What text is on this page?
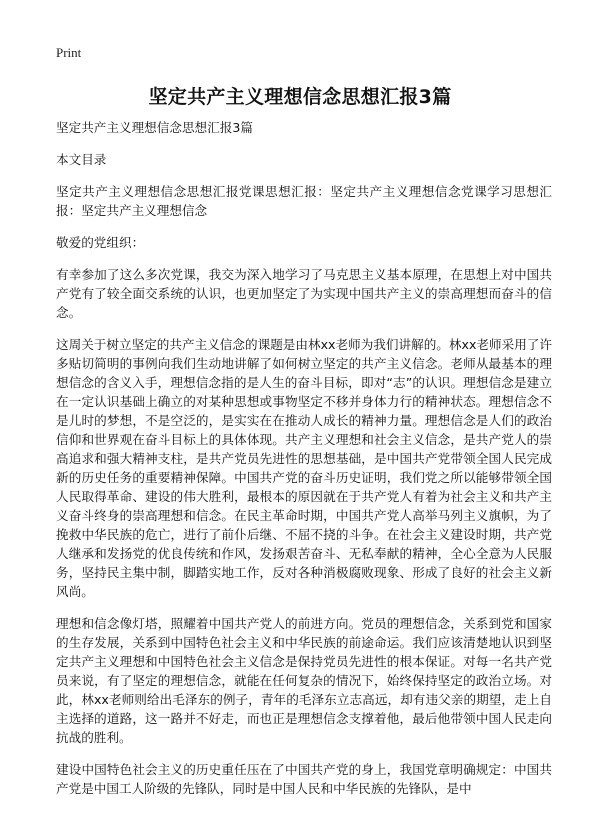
Print
坚定共产主义理想信念思想汇报3篇

坚定共产主义理想信念思想汇报3篇

本文目录

坚定共产主义理想信念思想汇报党课思想汇报：坚定共产主义理想信念党课学习思想汇报：坚定共产主义理想信念

敬爱的党组织：

有幸参加了这么多次党课，我交为深入地学习了马克思主义基本原理，在思想上对中国共产党有了较全面交系统的认识，也更加坚定了为实现中国共产主义的崇高理想而奋斗的信念。

这周关于树立坚定的共产主义信念的课题是由林xx老师为我们讲解的。林xx老师采用了许多贴切简明的事例向我们生动地讲解了如何树立坚定的共产主义信念。老师从最基本的理想信念的含义入手，理想信念指的是人生的奋斗目标，即对“志”的认识。理想信念是建立在一定认识基础上确立的对某种思想或事物坚定不移并身体力行的精神状态。理想信念不是儿时的梦想，不是空泛的，是实实在在推动人成长的精神力量。理想信念是人们的政治信仰和世界观在奋斗目标上的具体体现。共产主义理想和社会主义信念，是共产党人的崇高追求和强大精神支柱，是共产党员先进性的思想基础，是中国共产党带领全国人民完成新的历史任务的重要精神保障。中国共产党的奋斗历史证明，我们党之所以能够带领全国人民取得革命、建设的伟大胜利，最根本的原因就在于共产党人有着为社会主义和共产主义奋斗终身的崇高理想和信念。在民主革命时期，中国共产党人高举马列主义旗帜，为了挽救中华民族的危亡，进行了前仆后继、不屈不挠的斗争。在社会主义建设时期，共产党人继承和发扬党的优良传统和作风，发扬艰苦奋斗、无私奉献的精神，全心全意为人民服务，坚持民主集中制，脚踏实地工作，反对各种消极腐败现象、形成了良好的社会主义新风尚。

理想和信念像灯塔，照耀着中国共产党人的前进方向。党员的理想信念，关系到党和国家的生存发展，关系到中国特色社会主义和中华民族的前途命运。我们应该清楚地认识到坚定共产主义理想和中国特色社会主义信念是保持党员先进性的根本保证。对每一名共产党员来说，有了坚定的理想信念，就能在任何复杂的情况下，始终保持坚定的政治立场。对此，林xx老师则给出毛泽东的例子，青年的毛泽东立志高远，却有违父亲的期望，走上自主选择的道路，这一路并不好走，而也正是理想信念支撑着他，最后他带领中国人民走向抗战的胜利。

建设中国特色社会主义的历史重任压在了中国共产党的身上，我国党章明确规定：中国共产党是中国工人阶级的先锋队，同时是中国人民和中华民族的先锋队，是中
